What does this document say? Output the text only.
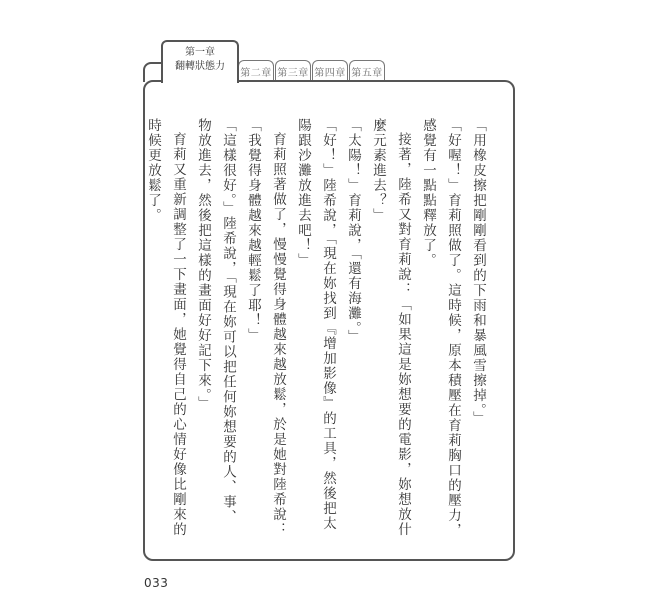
第一章
翻轉狀態力
第二章 第三章 第四章 第五章

「用橡皮擦把剛剛看到的下雨和暴風雪擦掉。」

「好喔！」育莉照做了。這時候，原本積壓在育莉胸口的壓力，感覺有一點點釋放了。

接著，陸希又對育莉說：「如果這是妳想要的電影，妳想放什麼元素進去？」

「太陽！」育莉說，「還有海灘。」

「好！」陸希說，「現在妳找到『增加影像』的工具，然後把太陽跟沙灘放進去吧！」

育莉照著做了，慢慢覺得身體越來越放鬆，於是她對陸希說：「我覺得身體越來越輕鬆了耶！」

「這樣很好。」陸希說，「現在妳可以把任何妳想要的人、事、物放進去，然後把這樣的畫面好好記下來。」

育莉又重新調整了一下畫面，她覺得自己的心情好像比剛來的時候更放鬆了。

033
